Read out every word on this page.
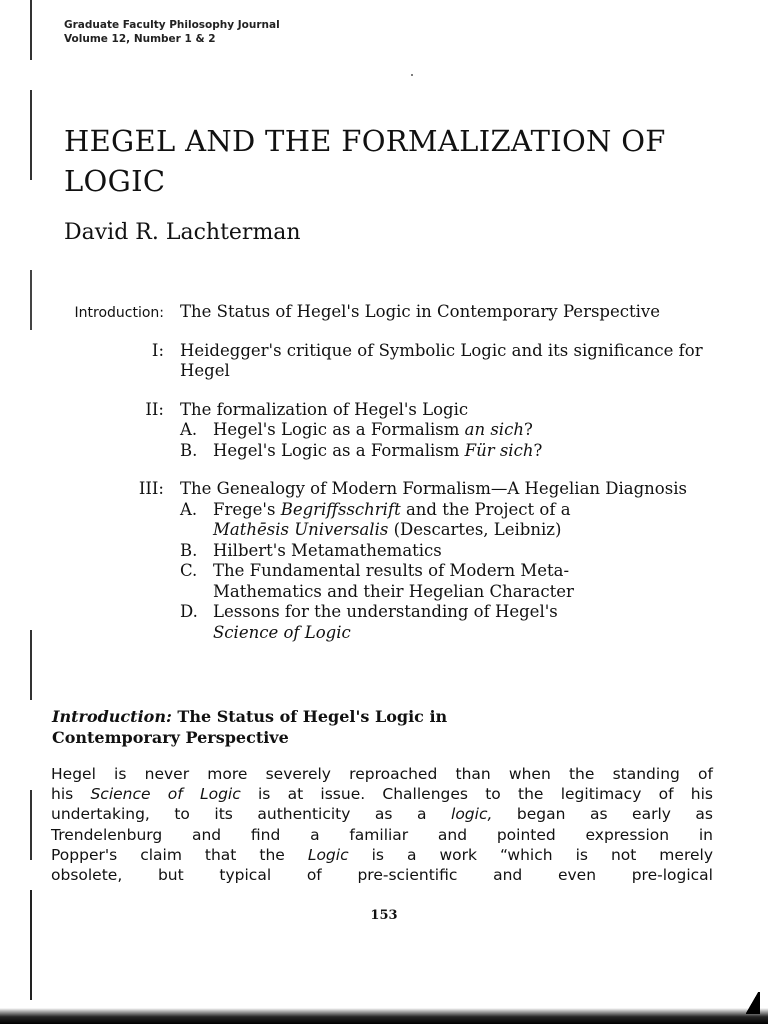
Graduate Faculty Philosophy Journal
Volume 12, Number 1 & 2
HEGEL AND THE FORMALIZATION OF LOGIC
David R. Lachterman
Introduction: The Status of Hegel's Logic in Contemporary Perspective
I: Heidegger's critique of Symbolic Logic and its significance for Hegel
II: The formalization of Hegel's Logic
A. Hegel's Logic as a Formalism an sich?
B. Hegel's Logic as a Formalism Für sich?
III: The Genealogy of Modern Formalism—A Hegelian Diagnosis
A. Frege's Begriffsschrift and the Project of a
Mathēsis Universalis (Descartes, Leibniz)
B. Hilbert's Metamathematics
C. The Fundamental results of Modern Meta-
Mathematics and their Hegelian Character
D. Lessons for the understanding of Hegel's
Science of Logic
Introduction: The Status of Hegel's Logic in
Contemporary Perspective
Hegel is never more severely reproached than when the standing of
his Science of Logic is at issue. Challenges to the legitimacy of his
undertaking, to its authenticity as a logic, began as early as
Trendelenburg and find a familiar and pointed expression in
Popper's claim that the Logic is a work “which is not merely
obsolete, but typical of pre-scientific and even pre-logical
153
